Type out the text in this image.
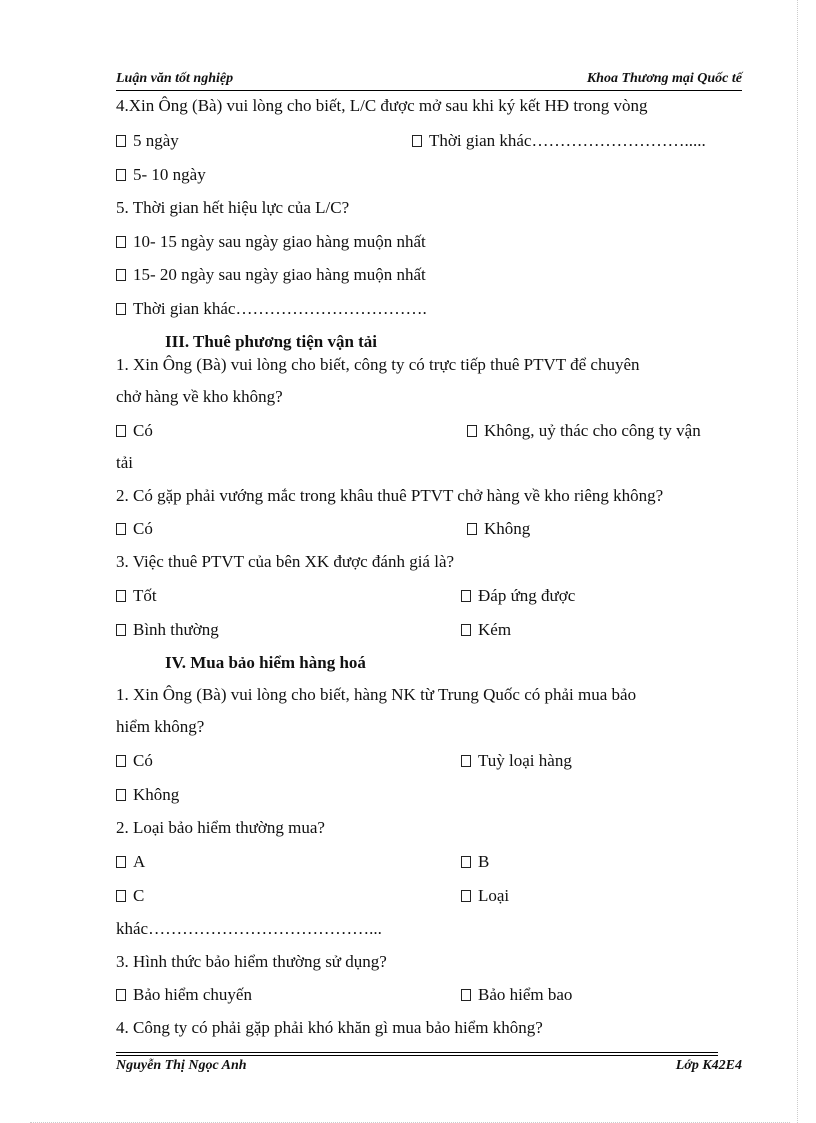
Luận văn tốt nghiệp	Khoa Thương mại Quốc tế
4.Xin Ông (Bà) vui lòng cho biết, L/C được mở sau khi ký kết HĐ trong vòng
5 ngày	Thời gian khác……………………….....
5- 10 ngày
5. Thời gian hết hiệu lực của L/C?
10- 15 ngày sau ngày giao hàng muộn nhất
15- 20 ngày sau ngày giao hàng muộn nhất
Thời gian khác…………………………….
III. Thuê phương tiện vận tải
1. Xin Ông (Bà) vui lòng cho biết, công ty có trực tiếp thuê PTVT để chuyên
chở hàng về kho không?
Có	Không, uỷ thác cho công ty vận
tải
2. Có gặp phải vướng mắc trong khâu thuê PTVT chở hàng về kho riêng không?
Có	Không
3. Việc thuê PTVT của bên XK được đánh giá là?
Tốt	Đáp ứng được
Bình thường	Kém
IV. Mua bảo hiểm hàng hoá
1. Xin Ông (Bà) vui lòng cho biết, hàng NK từ Trung Quốc có phải mua bảo
hiểm không?
Có	Tuỳ loại hàng
Không
2. Loại bảo hiểm thường mua?
A	B
C	Loại
khác…………………………………...
3. Hình thức bảo hiểm thường sử dụng?
Bảo hiểm chuyến	Bảo hiểm bao
4. Công ty có phải gặp phải khó khăn gì mua bảo hiểm không?
Nguyễn Thị Ngọc Anh	Lớp K42E4
